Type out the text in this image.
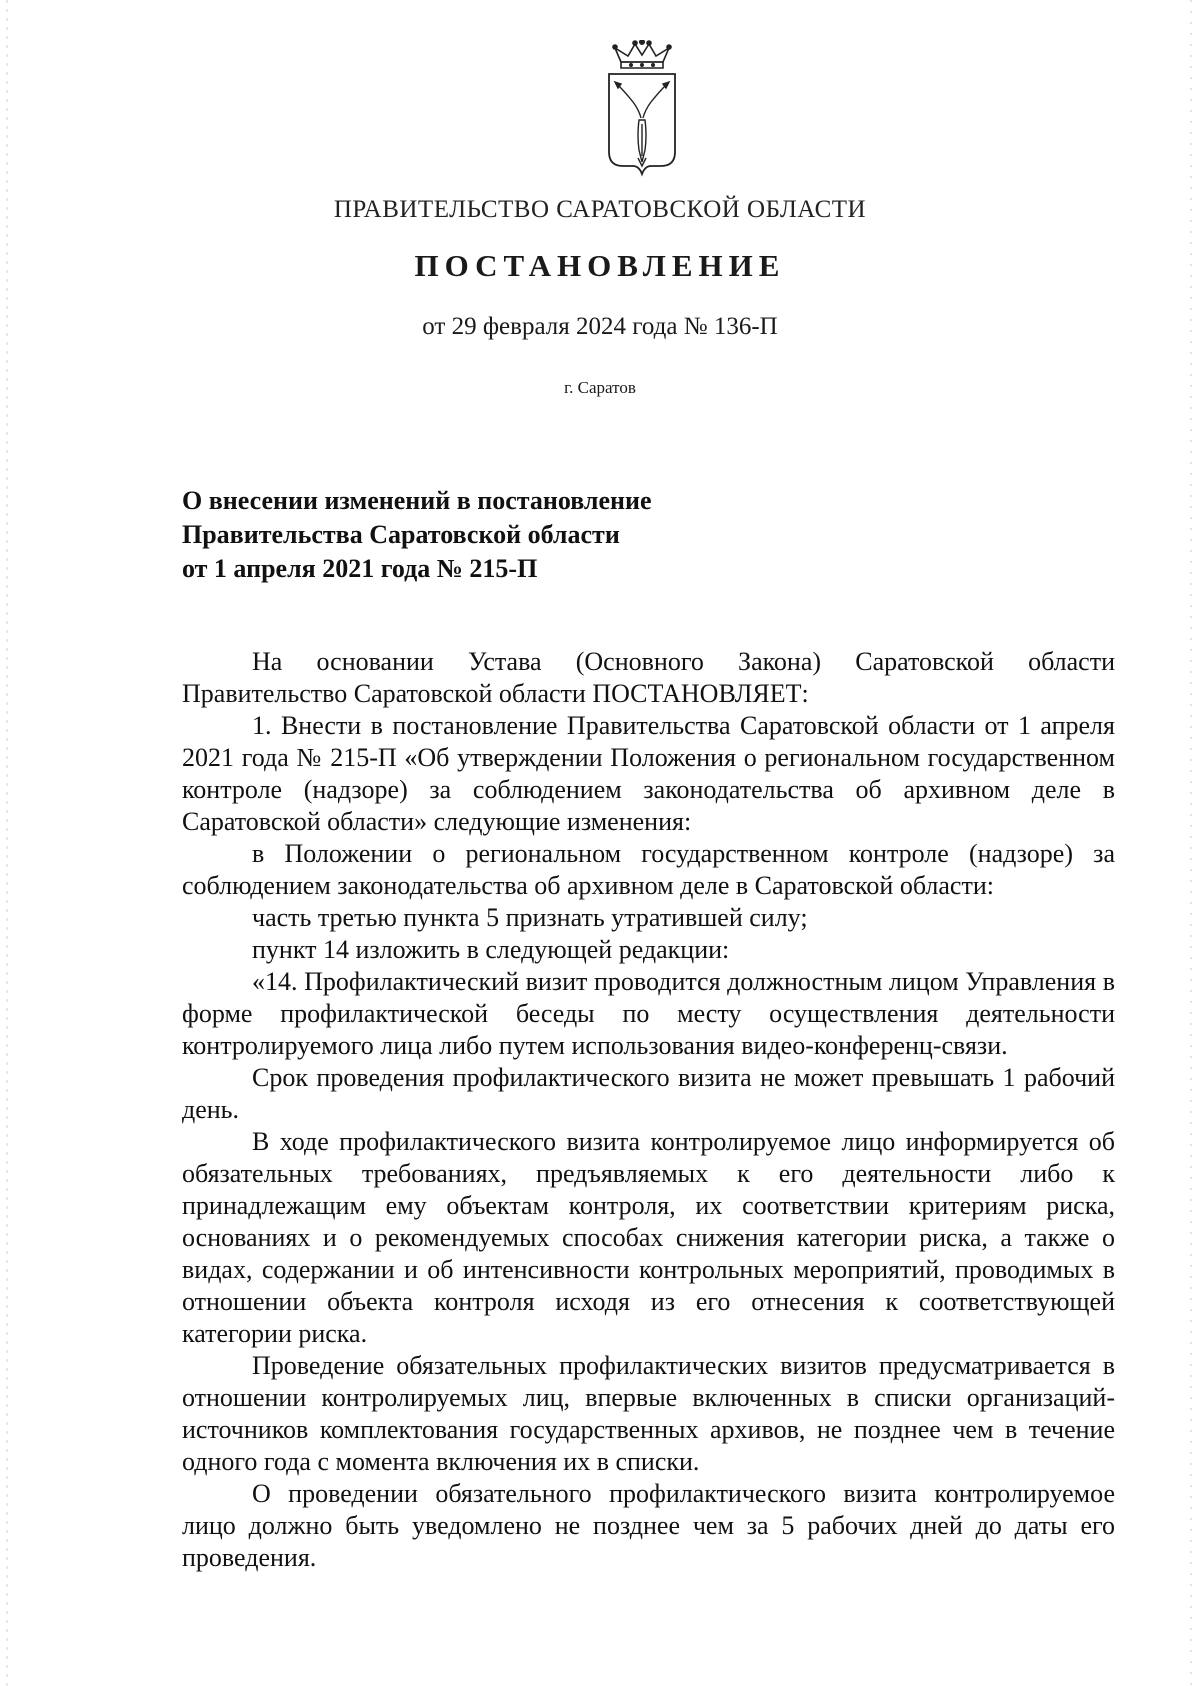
ПРАВИТЕЛЬСТВО САРАТОВСКОЙ ОБЛАСТИ
ПОСТАНОВЛЕНИЕ
от 29 февраля 2024 года № 136-П
г. Саратов
О внесении изменений в постановление
Правительства Саратовской области
от 1 апреля 2021 года № 215-П

На основании Устава (Основного Закона) Саратовской области Правительство Саратовской области ПОСТАНОВЛЯЕТ:

1. Внести в постановление Правительства Саратовской области от 1 апреля 2021 года № 215-П «Об утверждении Положения о региональном государственном контроле (надзоре) за соблюдением законодательства об архивном деле в Саратовской области» следующие изменения:

в Положении о региональном государственном контроле (надзоре) за соблюдением законодательства об архивном деле в Саратовской области:

часть третью пункта 5 признать утратившей силу;

пункт 14 изложить в следующей редакции:

«14. Профилактический визит проводится должностным лицом Управления в форме профилактической беседы по месту осуществления деятельности контролируемого лица либо путем использования видео-конференц-связи.

Срок проведения профилактического визита не может превышать 1 рабочий день.

В ходе профилактического визита контролируемое лицо информируется об обязательных требованиях, предъявляемых к его деятельности либо к принадлежащим ему объектам контроля, их соответствии критериям риска, основаниях и о рекомендуемых способах снижения категории риска, а также о видах, содержании и об интенсивности контрольных мероприятий, проводимых в отношении объекта контроля исходя из его отнесения к соответствующей категории риска.

Проведение обязательных профилактических визитов предусматривается в отношении контролируемых лиц, впервые включенных в списки организаций-источников комплектования государственных архивов, не позднее чем в течение одного года с момента включения их в списки.

О проведении обязательного профилактического визита контролируемое лицо должно быть уведомлено не позднее чем за 5 рабочих дней до даты его проведения.
